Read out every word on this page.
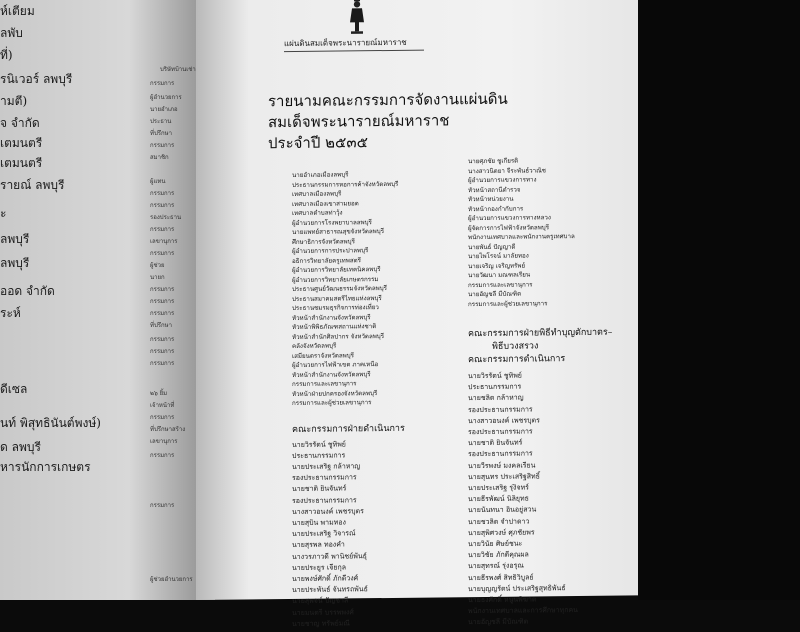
ห์เตียม
ลพับ
ที่)
รนิเวอร์ ลพบุรี
ามตี)
จ จำกัด
เตมนตรี
เตมนตรี
รายณ์ ลพบุรี
ะ
ลพบุรี
ลพบุรี
ออด จำกัด
ระห์
ดีเซล
นท์ พิสุทธินันต์พงษ์)
ด ลพบุรี
หารนักการเกษตร
บริษัทบ้านเช่า
กรรมการ
ผู้อำนวยการ
นายอำเภอ
ประธาน
ที่ปรึกษา
กรรมการ
สมาชิก
ผู้แทน
กรรมการ
กรรมการ
รองประธาน
กรรมการ
เลขานุการ
กรรมการ
ผู้ช่วย
นายก
กรรมการ
กรรมการ
กรรมการ
ที่ปรึกษา
กรรมการ
กรรมการ
กรรมการ
๒๖ ยิ้ม
เจ้าหน้าที่
กรรมการ
ที่ปรึกษาสร้าง
เลขานุการ
กรรมการ
กรรมการ
ผู้ช่วยอำนวยการ
แผ่นดินสมเด็จพระนารายณ์มหาราช
รายนามคณะกรรมการจัดงานแผ่นดิน
สมเด็จพระนารายณ์มหาราช
ประจำปี ๒๕๓๕
นายอำเภอเมืองลพบุรี
ประธานกรรมการหอการค้าจังหวัดลพบุรี
เทศบาลเมืองลพบุรี
เทศบาลเมืองเขาสามยอด
เทศบาลตำบลท่าวุ้ง
ผู้อำนวยการโรงพยาบาลลพบุรี
นายแพทย์สาธารณสุขจังหวัดลพบุรี
ศึกษาธิการจังหวัดลพบุรี
ผู้อำนวยการการประปาลพบุรี
อธิการวิทยาลัยครูเทพสตรี
ผู้อำนวยการวิทยาลัยเทคนิคลพบุรี
ผู้อำนวยการวิทยาลัยเกษตรกรรม
ประธานศูนย์วัฒนธรรมจังหวัดลพบุรี
ประธานสมาคมสตรีไทยแห่งลพบุรี
ประธานชมรมธุรกิจการท่องเที่ยว
หัวหน้าสำนักงานจังหวัดลพบุรี
หัวหน้าพิพิธภัณฑสถานแห่งชาติ
หัวหน้าสำนักศิลปากร จังหวัดลพบุรี
คลังจังหวัดลพบุรี
เสมียนตราจังหวัดลพบุรี
ผู้อำนวยการไฟฟ้าเขต ภาคเหนือ
หัวหน้าสำนักงานจังหวัดลพบุรี
กรรมการและเลขานุการ
หัวหน้าฝ่ายปกครองจังหวัดลพบุรี
กรรมการและผู้ช่วยเลขานุการ
คณะกรรมการฝ่ายดำเนินการ
นายวิรรัตน์ ชูทิพย์
ประธานกรรมการ
นายประเสริฐ กล้าหาญ
รองประธานกรรมการ
นายชาติ ยินจันทร์
รองประธานกรรมการ
นางสาวอนงค์ เพชรบุตร
นายสุบิน พามทอง
นายประเสริฐ วิจารณ์
นายสุรพล ทองคำ
นางวรภาวดี พานิชย์พันธุ์
นายประยูร เจียกุล
นายพงษ์ศักดิ์ ภักดีวงศ์
นายประพันธ์ จันทรถพันธ์
นายสุพจน์ ปัญชาลี
นายมนตรี บรรพพงศ์
นายชาญ ทรัพย์มณี
นายศุภชัย ชูเกียรติ
นางสาวนิตยา จีระพันธ์วาณิช
ผู้อำนวยการแขวงการทาง
หัวหน้าสถานีตำรวจ
หัวหน้าหน่วยงาน
หัวหน้ากองกำกับการ
ผู้อำนวยการแขวงการทางหลวง
ผู้จัดการการไฟฟ้าจังหวัดลพบุรี
พนักงานเทศบาลและพนักงานครูเทศบาล
นายพันธ์ ปัญญาดี
นายไพโรจน์ มาลัยทอง
นายเจริญ เจริญทรัพย์
นายวัฒนา มณฑลเรียน
กรรมการและเลขานุการ
นายอัญชลี มีบัณฑิต
กรรมการและผู้ช่วยเลขานุการ
คณะกรรมการฝ่ายพิธีทำบุญตักบาตร–
พิธีบวงสรวง
คณะกรรมการดำเนินการ
นายวิรรัตน์ ชูทิพย์
ประธานกรรมการ
นายชลิต กล้าหาญ
รองประธานกรรมการ
นางสาวอนงค์ เพชรบุตร
รองประธานกรรมการ
นายชาติ ยินจันทร์
รองประธานกรรมการ
นายวีรพงษ์ มงคลเรียน
นายสุนทร ประเสริฐสิทธิ์
นายประเสริฐ รุ่งิจทร์
นายธีรพัฒน์ นิลิยุทธ
นายนันทนา อินอยู่สวน
นายชวลิต จำปาดาว
นายสุพิศวงษ์ ศุภชัยพร
นายวินัย ศิษย์ชนะ
นายวิชัย ภักดีคุณผล
นายสุทรณ์ รุ่งอรุณ
นายธีรพงศ์ สิทธิวิบูลย์
นายบุญญรัตน์ ประเสริฐสุทธิพันธ์
นายธงศักดิ์ หนูนพิฆาต
พนักงานเทศบาลและการศึกษาทุกคน
นายอัญชลี มีบัณฑิต
